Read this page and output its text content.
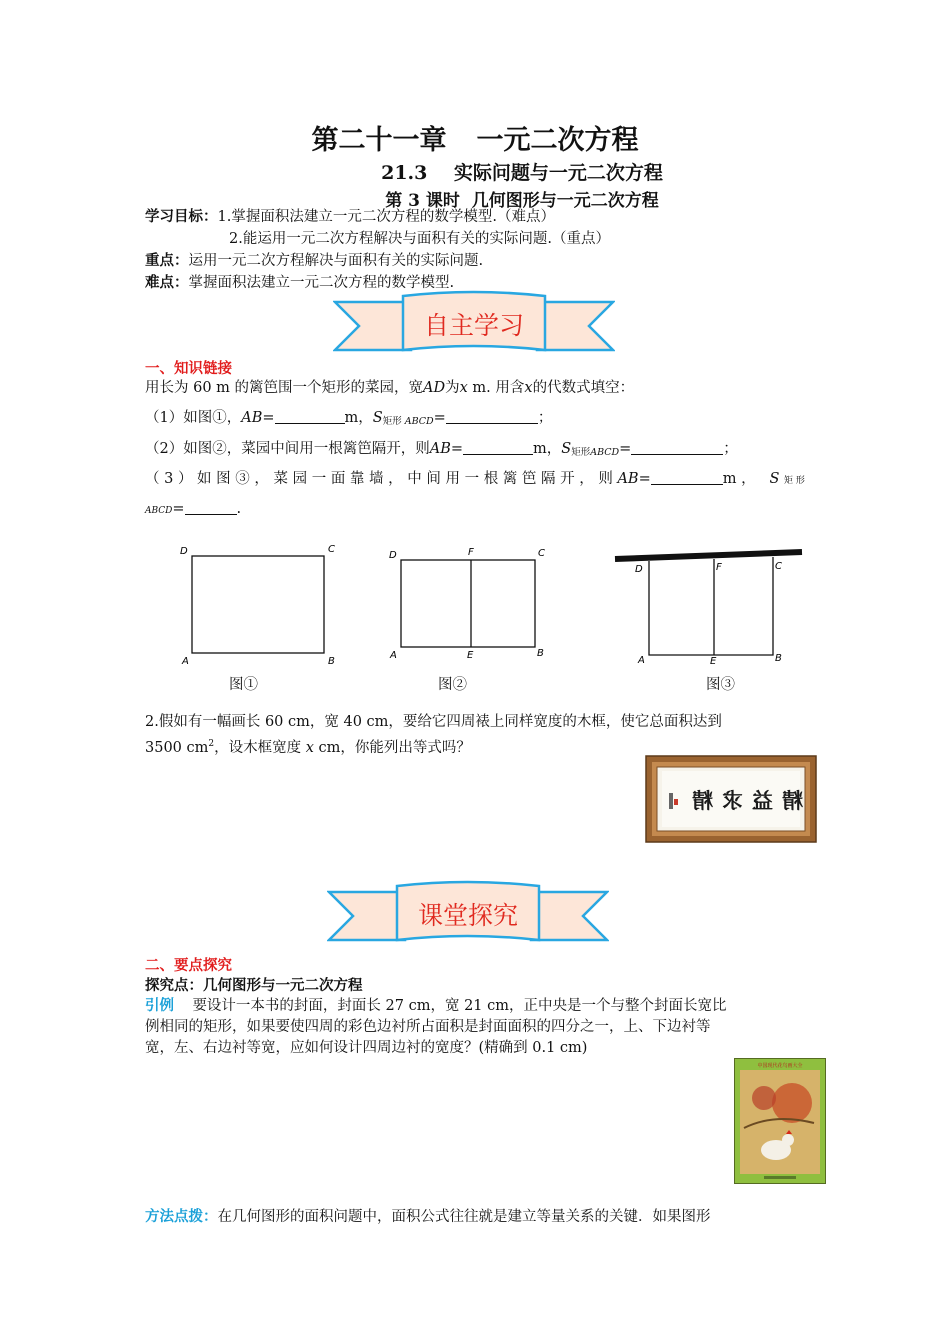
第二十一章 一元二次方程
21.3 实际问题与一元二次方程
第 3 课时 几何图形与一元二次方程
学习目标：1.掌握面积法建立一元二次方程的数学模型.（难点）
2.能运用一元二次方程解决与面积有关的实际问题.（重点）
重点：运用一元二次方程解决与面积有关的实际问题.
难点：掌握面积法建立一元二次方程的数学模型.
自主学习
一、知识链接
用长为 60 m 的篱笆围一个矩形的菜园，宽AD为x m. 用含x的代数式填空：
（1）如图①，AB=	m，$S_{矩形 ABCD}=$	；
（2）如图②，菜园中间用一根篱笆隔开，则AB=	m，$S_{矩形ABCD}=$	；
（ 3 ） 如 图 ③ ， 菜 园 一 面 靠 墙 ， 中 间 用 一 根 篱 笆 隔 开 ， 则 AB=	m ， S 矩 形
ABCD=	.
D	C
A	B
图①
D	F	C
A	E	B
图②
D	F	C
A	E	B
图③
2.假如有一幅画长 60 cm，宽 40 cm，要给它四周裱上同样宽度的木框，使它总面积达到
3500 $cm^2$，设木框宽度 x cm，你能列出等式吗？
精益求精
课堂探究
二、要点探究
探究点：几何图形与一元二次方程
引例 要设计一本书的封面，封面长 27 cm，宽 21 cm，正中央是一个与整个封面长宽比
例相同的矩形，如果要使四周的彩色边衬所占面积是封面面积的四分之一，上、下边衬等
宽，左、右边衬等宽，应如何设计四周边衬的宽度？(精确到 0.1 cm)
中国现代花鸟画大全
方法点拨：在几何图形的面积问题中，面积公式往往就是建立等量关系的关键．如果图形
